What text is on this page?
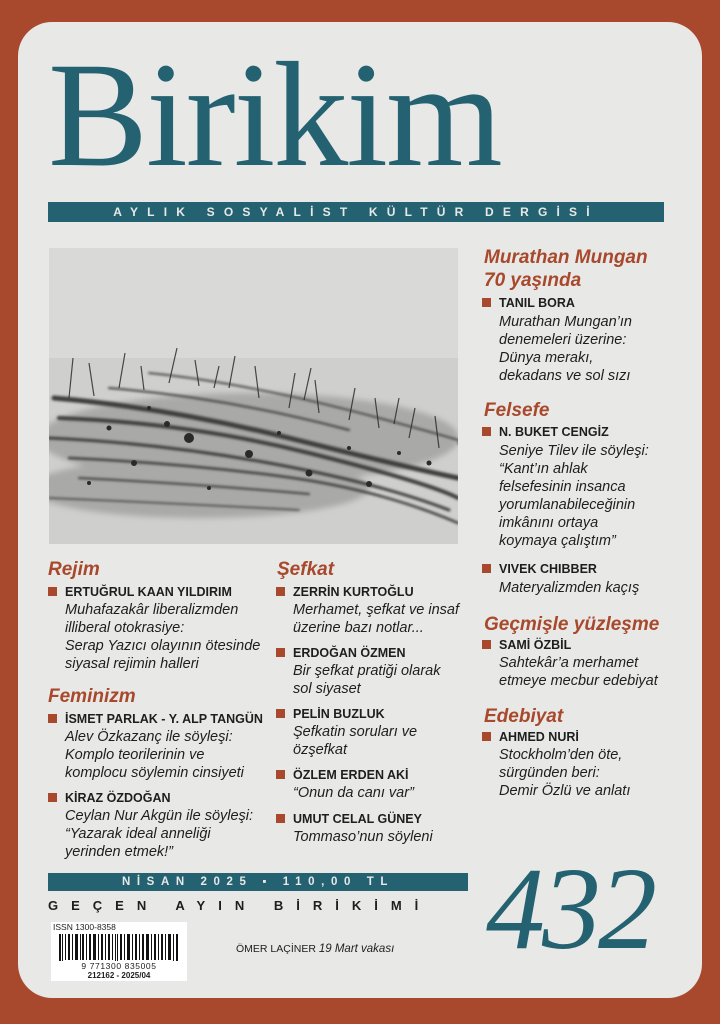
Birikim
AYLIK SOSYALİST KÜLTÜR DERGİSİ
Murathan Mungan
70 yaşında
TANIL BORA
Murathan Mungan’ın
denemeleri üzerine:
Dünya merakı,
dekadans ve sol sızı
Felsefe
N. BUKET CENGİZ
Seniye Tilev ile söyleşi:
“Kant’ın ahlak
felsefesinin insanca
yorumlanabileceğinin
imkânını ortaya
koymaya çalıştım”
VIVEK CHIBBER
Materyalizmden kaçış
Geçmişle yüzleşme
SAMİ ÖZBİL
Sahtekâr’a merhamet
etmeye mecbur edebiyat
Edebiyat
AHMED NURİ
Stockholm’den öte,
sürgünden beri:
Demir Özlü ve anlatı
Rejim
ERTUĞRUL KAAN YILDIRIM
Muhafazakâr liberalizmden
illiberal otokrasiye:
Serap Yazıcı olayının ötesinde
siyasal rejimin halleri
Feminizm
İSMET PARLAK - Y. ALP TANGÜN
Alev Özkazanç ile söyleşi:
Komplo teorilerinin ve
komplocu söylemin cinsiyeti
KİRAZ ÖZDOĞAN
Ceylan Nur Akgün ile söyleşi:
“Yazarak ideal anneliği
yerinden etmek!”
Şefkat
ZERRİN KURTOĞLU
Merhamet, şefkat ve insaf
üzerine bazı notlar...
ERDOĞAN ÖZMEN
Bir şefkat pratiği olarak
sol siyaset
PELİN BUZLUK
Şefkatin soruları ve
özşefkat
ÖZLEM ERDEN AKİ
“Onun da canı var”
UMUT CELAL GÜNEY
Tommaso’nun söyleni
NİSAN 2025 ▪ 110,00 TL
GEÇEN AYIN BİRİKİMİ 432
ISSN 1300-8358
9 771300 835005
212162 - 2025/04
ÖMER LAÇİNER 19 Mart vakası
